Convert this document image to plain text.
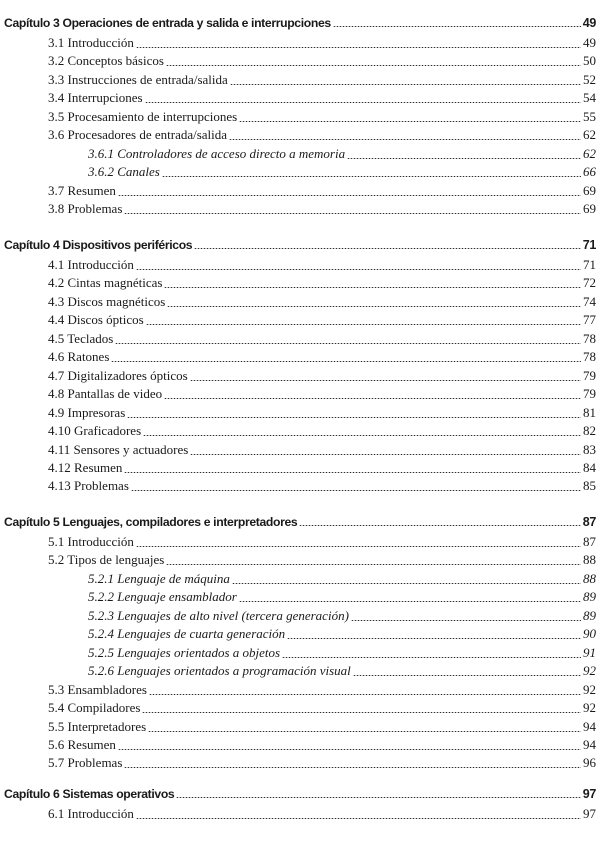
Capítulo 3 Operaciones de entrada y salida e interrupciones	49
3.1 Introducción	49
3.2 Conceptos básicos	50
3.3 Instrucciones de entrada/salida	52
3.4 Interrupciones	54
3.5 Procesamiento de interrupciones	55
3.6 Procesadores de entrada/salida	62
3.6.1 Controladores de acceso directo a memoria	62
3.6.2 Canales	66
3.7 Resumen	69
3.8 Problemas	69
Capítulo 4 Dispositivos periféricos	71
4.1 Introducción	71
4.2 Cintas magnéticas	72
4.3 Discos magnéticos	74
4.4 Discos ópticos	77
4.5 Teclados	78
4.6 Ratones	78
4.7 Digitalizadores ópticos	79
4.8 Pantallas de video	79
4.9 Impresoras	81
4.10 Graficadores	82
4.11 Sensores y actuadores	83
4.12 Resumen	84
4.13 Problemas	85
Capítulo 5 Lenguajes, compiladores e interpretadores	87
5.1 Introducción	87
5.2 Tipos de lenguajes	88
5.2.1 Lenguaje de máquina	88
5.2.2 Lenguaje ensamblador	89
5.2.3 Lenguajes de alto nivel (tercera generación)	89
5.2.4 Lenguajes de cuarta generación	90
5.2.5 Lenguajes orientados a objetos	91
5.2.6 Lenguajes orientados a programación visual	92
5.3 Ensambladores	92
5.4 Compiladores	92
5.5 Interpretadores	94
5.6 Resumen	94
5.7 Problemas	96
Capítulo 6 Sistemas operativos	97
6.1 Introducción	97
